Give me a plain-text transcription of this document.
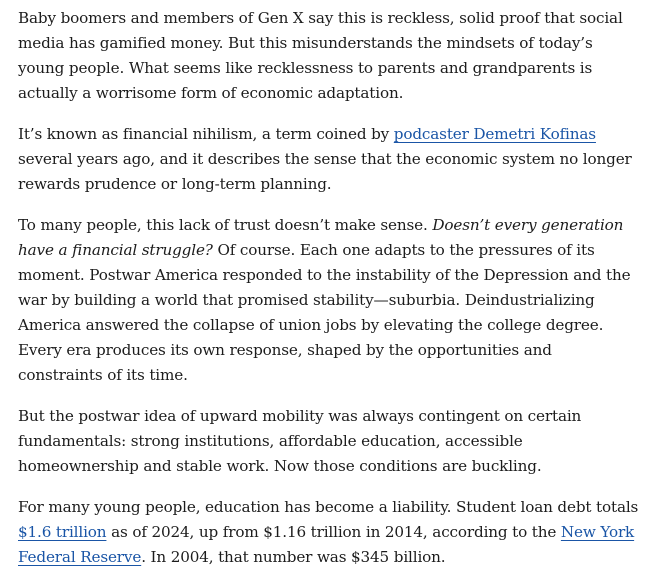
Baby boomers and members of Gen X say this is reckless, solid proof that social media has gamified money. But this misunderstands the mindsets of today’s young people. What seems like recklessness to parents and grandparents is actually a worrisome form of economic adaptation.

It’s known as financial nihilism, a term coined by podcaster Demetri Kofinas several years ago, and it describes the sense that the economic system no longer rewards prudence or long-term planning.

To many people, this lack of trust doesn’t make sense. Doesn’t every generation have a financial struggle? Of course. Each one adapts to the pressures of its moment. Postwar America responded to the instability of the Depression and the war by building a world that promised stability—suburbia. Deindustrializing America answered the collapse of union jobs by elevating the college degree. Every era produces its own response, shaped by the opportunities and constraints of its time.

But the postwar idea of upward mobility was always contingent on certain fundamentals: strong institutions, affordable education, accessible homeownership and stable work. Now those conditions are buckling.

For many young people, education has become a liability. Student loan debt totals $1.6 trillion as of 2024, up from $1.16 trillion in 2014, according to the New York Federal Reserve. In 2004, that number was $345 billion.
